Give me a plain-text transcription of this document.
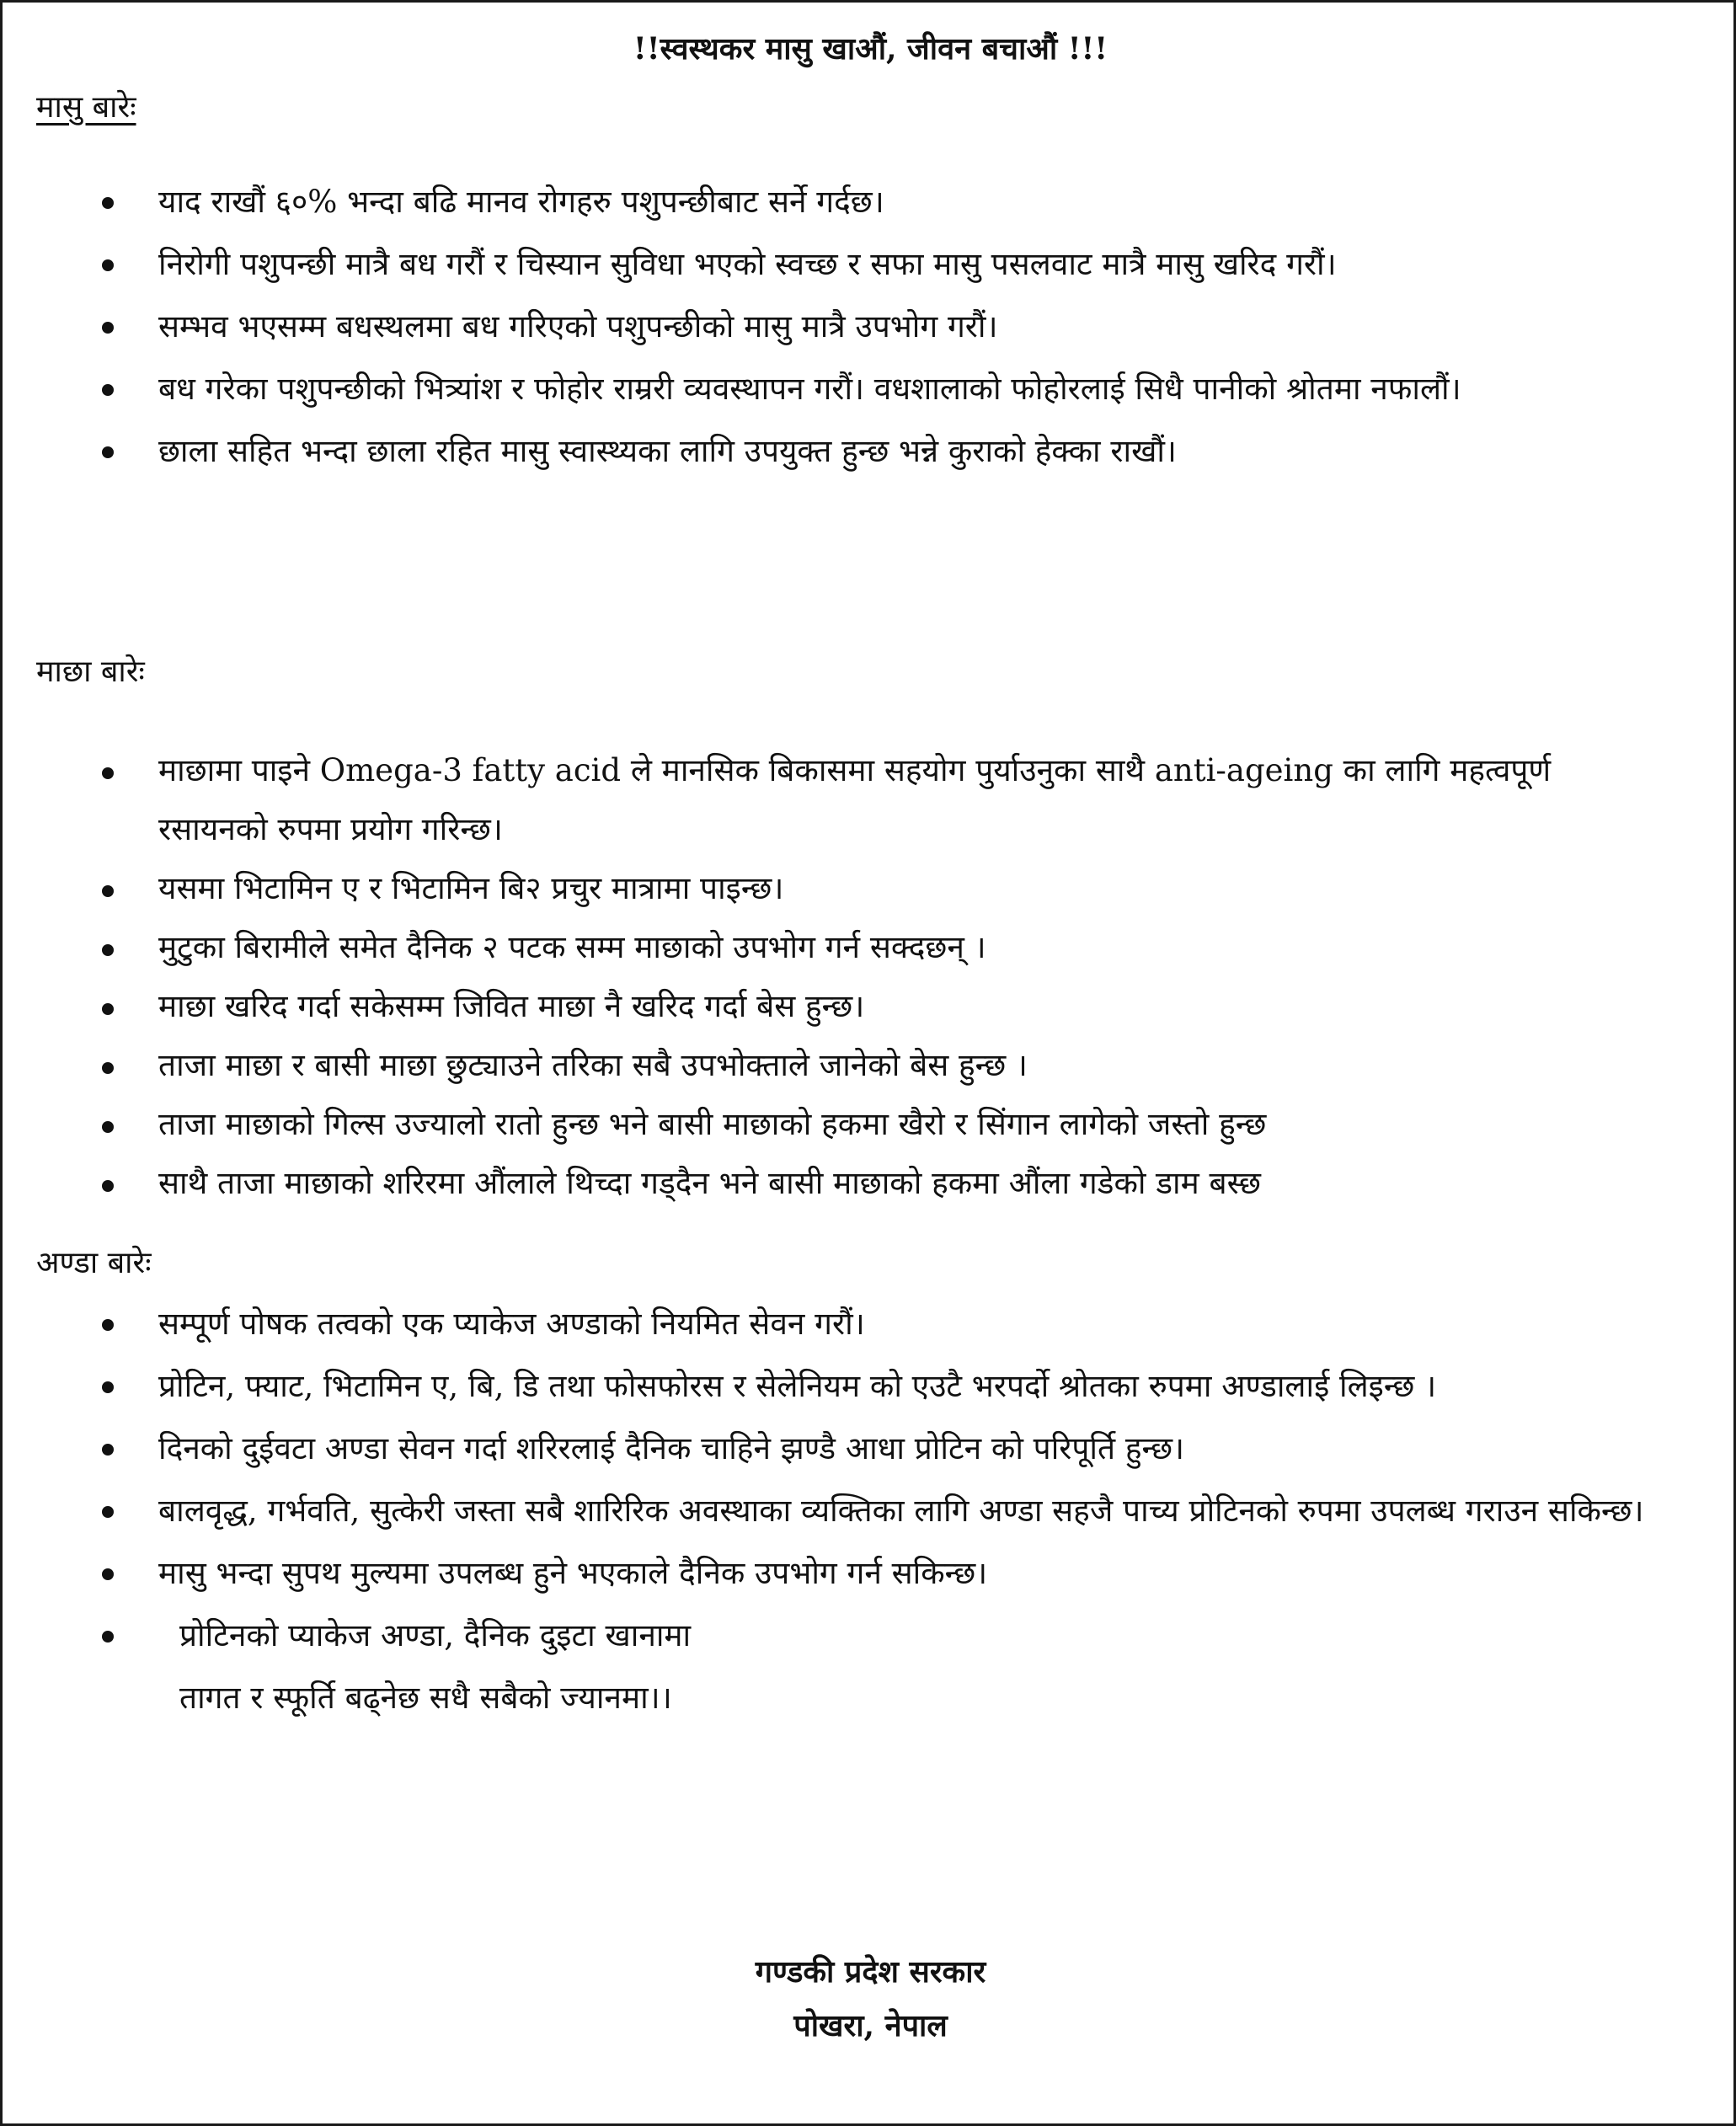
!!स्वस्थकर मासु खाऔं, जीवन बचाऔं !!!
मासु बारेः
याद राखौं ६०% भन्दा बढि मानव रोगहरु पशुपन्छीबाट सर्ने गर्दछ।
निरोगी पशुपन्छी मात्रै बध गरौं र चिस्यान सुविधा भएको स्वच्छ र सफा मासु पसलवाट मात्रै मासु खरिद गरौं।
सम्भव भएसम्म बधस्थलमा बध गरिएको पशुपन्छीको मासु मात्रै उपभोग गरौं।
बध गरेका पशुपन्छीको भित्र्यांश र फोहोर राम्ररी व्यवस्थापन गरौं। वधशालाको फोहोरलाई सिधै पानीको श्रोतमा नफालौं।
छाला सहित भन्दा छाला रहित मासु स्वास्थ्यका लागि उपयुक्त हुन्छ भन्ने कुराको हेक्का राखौं।
माछा बारेः
माछामा पाइने Omega-3 fatty acid ले मानसिक बिकासमा सहयोग पुर्याउनुका साथै anti-ageing का लागि महत्वपूर्ण रसायनको रुपमा प्रयोग गरिन्छ।
यसमा भिटामिन ए र भिटामिन बि२ प्रचुर मात्रामा पाइन्छ।
मुटुका बिरामीले समेत दैनिक २ पटक सम्म माछाको उपभोग गर्न सक्दछन् ।
माछा खरिद गर्दा सकेसम्म जिवित माछा नै खरिद गर्दा बेस हुन्छ।
ताजा माछा र बासी माछा छुट्याउने तरिका सबै उपभोक्ताले जानेको बेस हुन्छ ।
ताजा माछाको गिल्स उज्यालो रातो हुन्छ भने बासी माछाको हकमा खैरो र सिंगान लागेको जस्तो हुन्छ
साथै ताजा माछाको शरिरमा औंलाले थिच्दा गड्दैन भने बासी माछाको हकमा औंला गडेको डाम बस्छ
अण्डा बारेः
सम्पूर्ण पोषक तत्वको एक प्याकेज अण्डाको नियमित सेवन गरौं।
प्रोटिन, फ्याट, भिटामिन ए, बि, डि तथा फोसफोरस र सेलेनियम को एउटै भरपर्दो श्रोतका रुपमा अण्डालाई लिइन्छ ।
दिनको दुईवटा अण्डा सेवन गर्दा शरिरलाई दैनिक चाहिने झण्डै आधा प्रोटिन को परिपूर्ति हुन्छ।
बालवृद्ध, गर्भवति, सुत्केरी जस्ता सबै शारिरिक अवस्थाका व्यक्तिका लागि अण्डा सहजै पाच्य प्रोटिनको रुपमा उपलब्ध गराउन सकिन्छ।
मासु भन्दा सुपथ मुल्यमा उपलब्ध हुने भएकाले दैनिक उपभोग गर्न सकिन्छ।
प्रोटिनको प्याकेज अण्डा, दैनिक दुइटा खानामा
तागत र स्फूर्ति बढ्नेछ सधै सबैको ज्यानमा।।
गण्डकी प्रदेश सरकार
पोखरा, नेपाल
